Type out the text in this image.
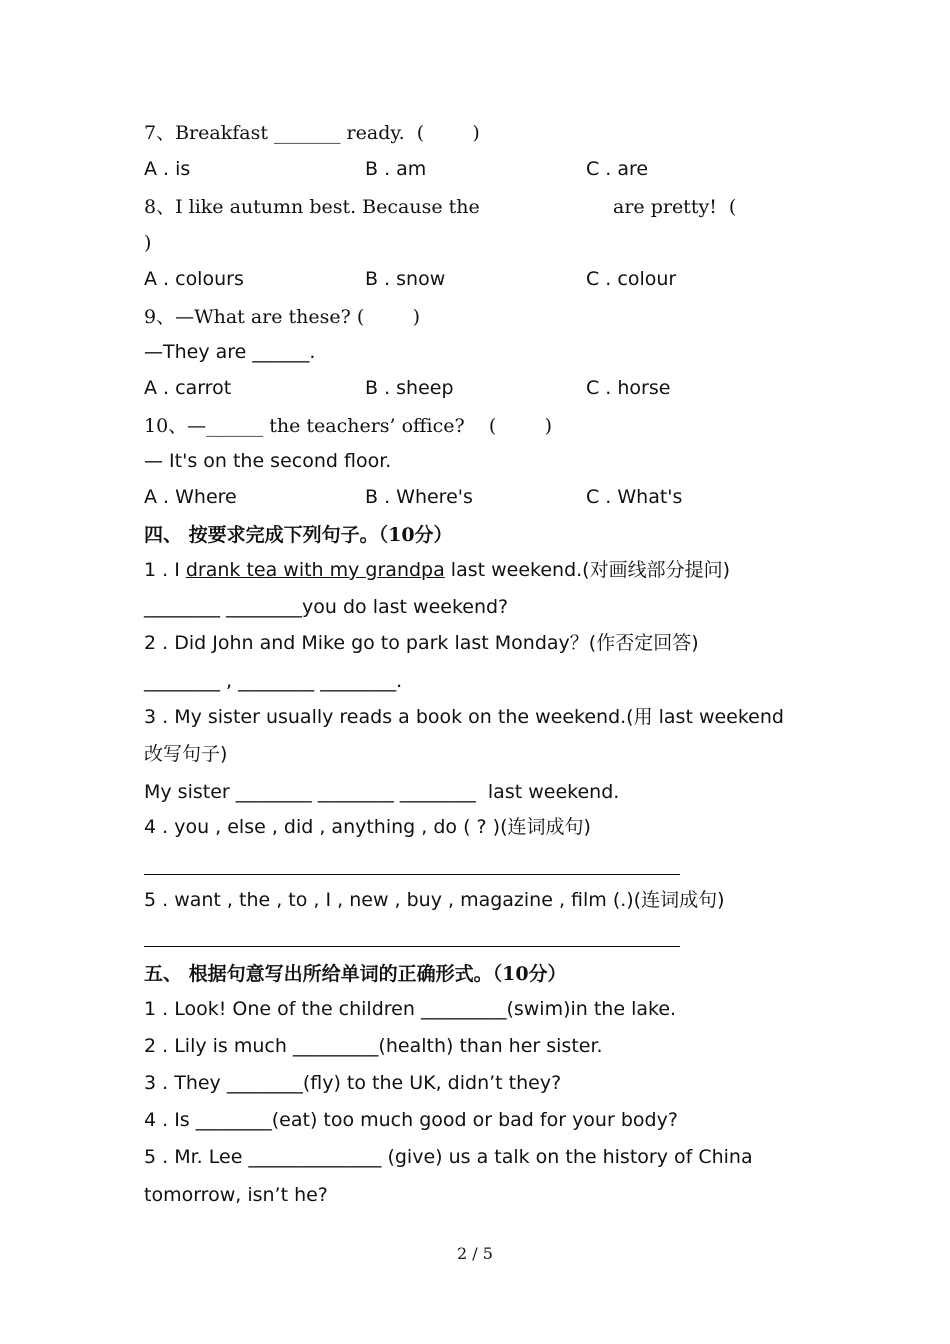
7、Breakfast _______ ready.  (        )
A . is	B . am	C . are
8、I like autumn best. Because the	are pretty!  (
)
A . colours	B . snow	C . colour
9、—What are these? (        )
—They are ______.
A . carrot	B . sheep	C . horse
10、—______ the teachers’ office?    (        )
— It's on the second floor.
A . Where	B . Where's	C . What's
四、 按要求完成下列句子。（10分）
1 . I drank tea with my grandpa last weekend.(对画线部分提问)
________ ________you do last weekend?
2 . Did John and Mike go to park last Monday？(作否定回答)
________ , ________ ________.
3 . My sister usually reads a book on the weekend.(用 last weekend
改写句子)
My sister ________ ________ ________  last weekend.
4 . you , else , did , anything , do ( ? )(连词成句)
5 . want , the , to , I , new , buy , magazine , film (.)(连词成句)
五、 根据句意写出所给单词的正确形式。（10分）
1 . Look! One of the children _________(swim)in the lake.
2 . Lily is much _________(health) than her sister.
3 . They ________(fly) to the UK, didn’t they?
4 . Is ________(eat) too much good or bad for your body?
5 . Mr. Lee ______________ (give) us a talk on the history of China
tomorrow, isn’t he?
2 / 5
